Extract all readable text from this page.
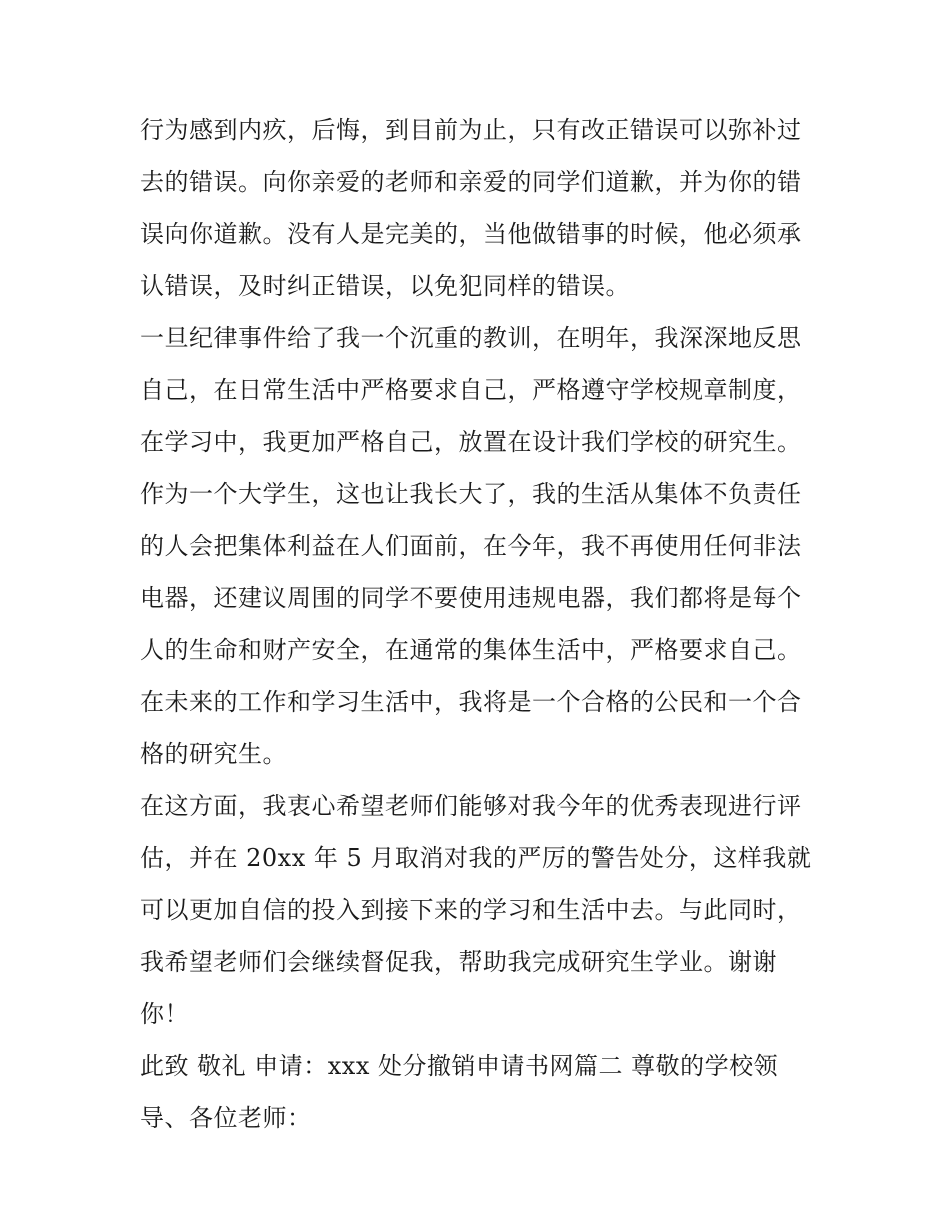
行为感到内疚，后悔，到目前为止，只有改正错误可以弥补过
去的错误。向你亲爱的老师和亲爱的同学们道歉，并为你的错
误向你道歉。没有人是完美的，当他做错事的时候，他必须承
认错误，及时纠正错误，以免犯同样的错误。
一旦纪律事件给了我一个沉重的教训，在明年，我深深地反思
自己，在日常生活中严格要求自己，严格遵守学校规章制度，
在学习中，我更加严格自己，放置在设计我们学校的研究生。
作为一个大学生，这也让我长大了，我的生活从集体不负责任
的人会把集体利益在人们面前，在今年，我不再使用任何非法
电器，还建议周围的同学不要使用违规电器，我们都将是每个
人的生命和财产安全，在通常的集体生活中，严格要求自己。
在未来的工作和学习生活中，我将是一个合格的公民和一个合
格的研究生。
在这方面，我衷心希望老师们能够对我今年的优秀表现进行评
估，并在 20xx 年 5 月取消对我的严厉的警告处分，这样我就
可以更加自信的投入到接下来的学习和生活中去。与此同时，
我希望老师们会继续督促我，帮助我完成研究生学业。谢谢
你！
此致 敬礼 申请：xxx 处分撤销申请书网篇二 尊敬的学校领
导、各位老师：
